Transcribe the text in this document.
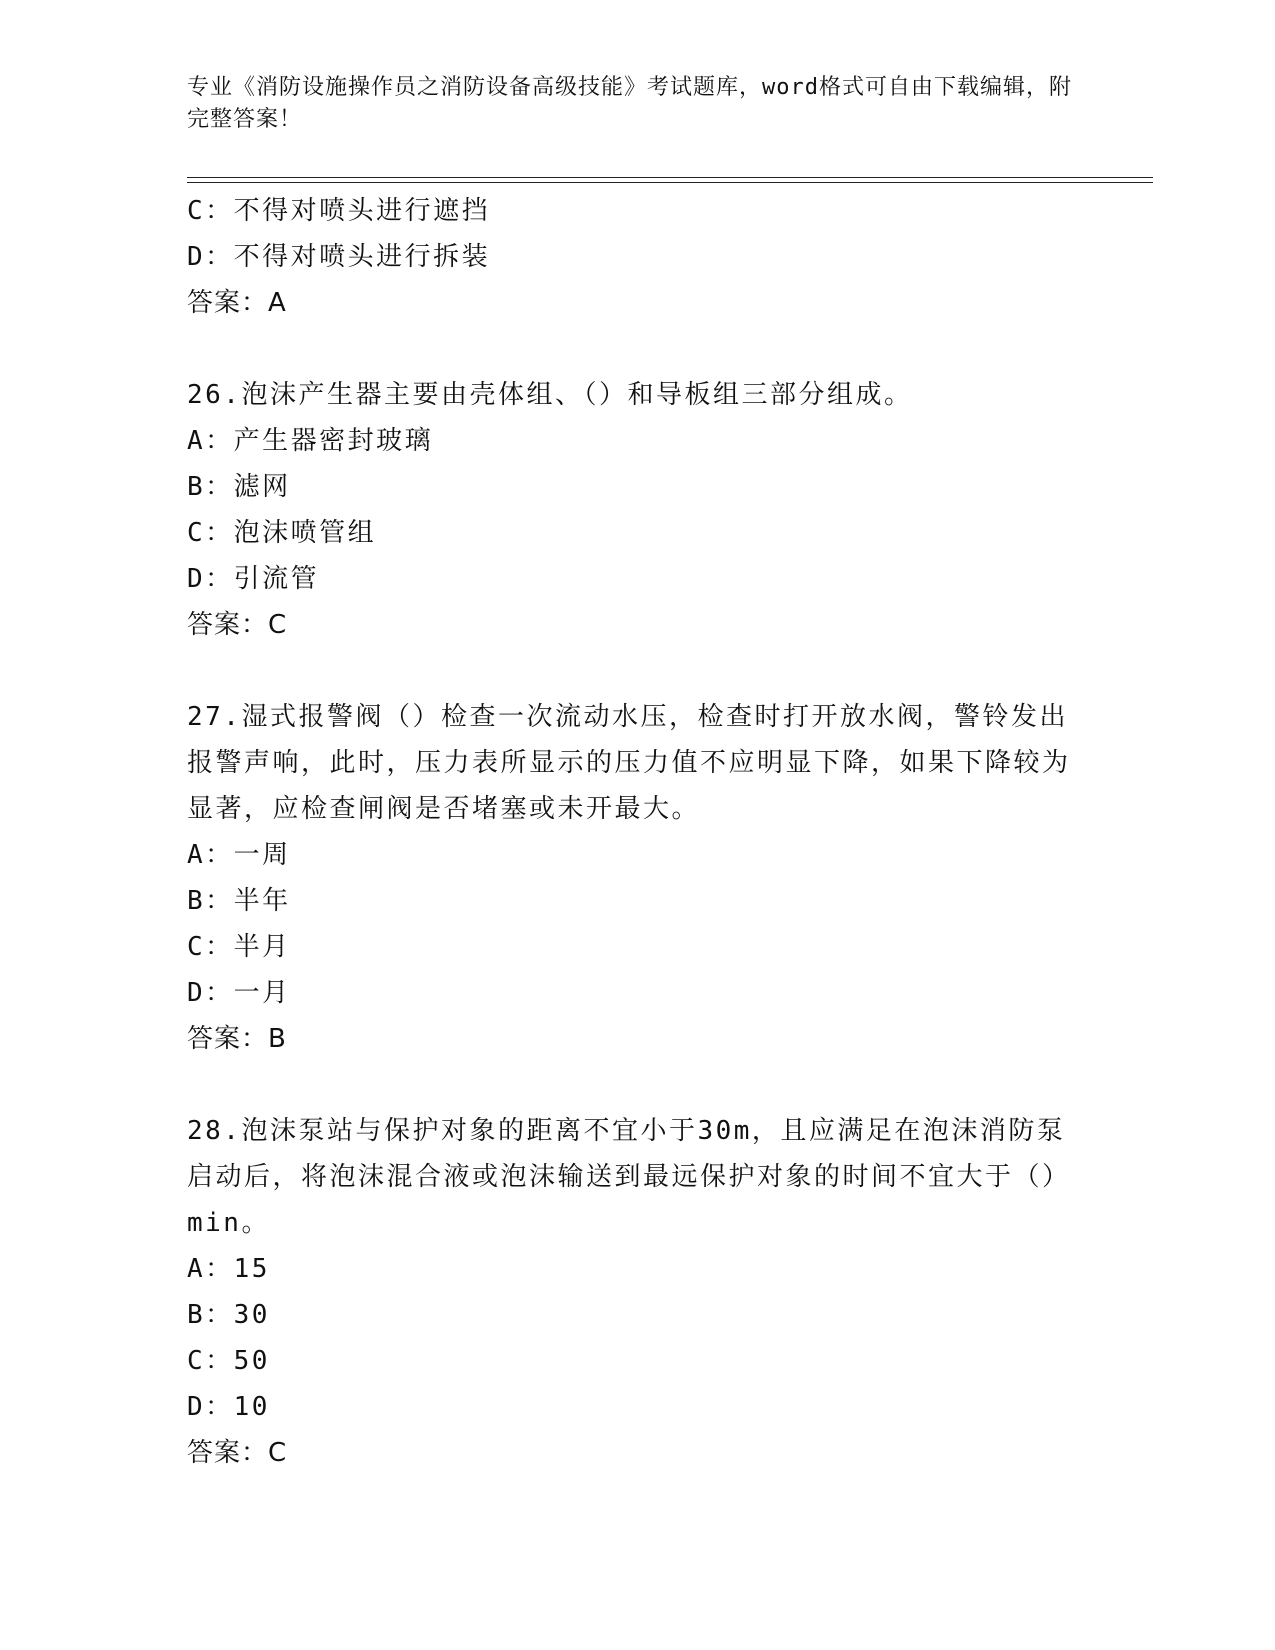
专业《消防设施操作员之消防设备高级技能》考试题库，word格式可自由下载编辑，附完整答案！
C：不得对喷头进行遮挡
D：不得对喷头进行拆装
答案：A
26.泡沫产生器主要由壳体组、（）和导板组三部分组成。
A：产生器密封玻璃
B：滤网
C：泡沫喷管组
D：引流管
答案：C
27.湿式报警阀（）检查一次流动水压，检查时打开放水阀，警铃发出报警声响，此时，压力表所显示的压力值不应明显下降，如果下降较为显著，应检查闸阀是否堵塞或未开最大。
A：一周
B：半年
C：半月
D：一月
答案：B
28.泡沫泵站与保护对象的距离不宜小于30m，且应满足在泡沫消防泵启动后，将泡沫混合液或泡沫输送到最远保护对象的时间不宜大于（）min。
A：15
B：30
C：50
D：10
答案：C
